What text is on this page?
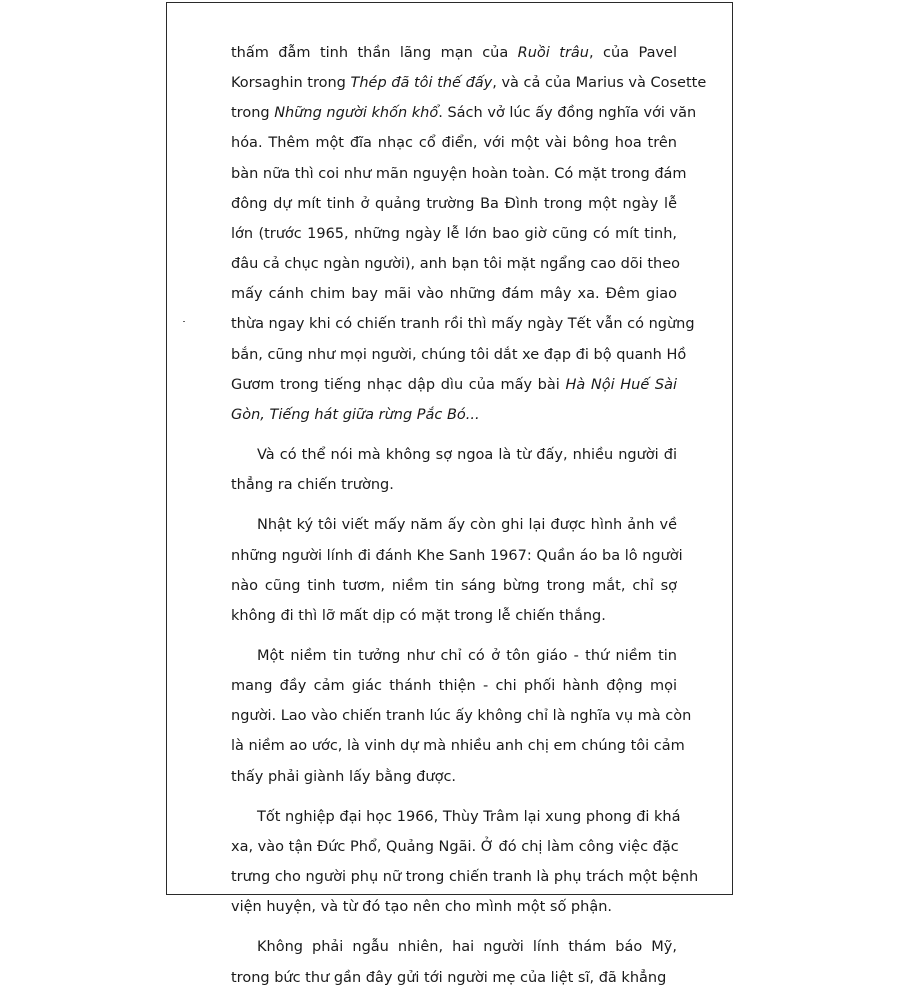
thấm đẫm tinh thần lãng mạn của Ruồi trâu, của Pavel
Korsaghin trong Thép đã tôi thế đấy, và cả của Marius và Cosette
trong Những người khốn khổ. Sách vở lúc ấy đồng nghĩa với văn
hóa. Thêm một đĩa nhạc cổ điển, với một vài bông hoa trên
bàn nữa thì coi như mãn nguyện hoàn toàn. Có mặt trong đám
đông dự mít tinh ở quảng trường Ba Đình trong một ngày lễ
lớn (trước 1965, những ngày lễ lớn bao giờ cũng có mít tinh,
đâu cả chục ngàn người), anh bạn tôi mặt ngẩng cao dõi theo
mấy cánh chim bay mãi vào những đám mây xa. Đêm giao
thừa ngay khi có chiến tranh rồi thì mấy ngày Tết vẫn có ngừng
bắn, cũng như mọi người, chúng tôi dắt xe đạp đi bộ quanh Hồ
Gươm trong tiếng nhạc dập dìu của mấy bài Hà Nội Huế Sài
Gòn, Tiếng hát giữa rừng Pắc Bó...

Và có thể nói mà không sợ ngoa là từ đấy, nhiều người đi
thẳng ra chiến trường.

Nhật ký tôi viết mấy năm ấy còn ghi lại được hình ảnh về
những người lính đi đánh Khe Sanh 1967: Quần áo ba lô người
nào cũng tinh tươm, niềm tin sáng bừng trong mắt, chỉ sợ
không đi thì lỡ mất dịp có mặt trong lễ chiến thắng.

Một niềm tin tưởng như chỉ có ở tôn giáo - thứ niềm tin
mang đầy cảm giác thánh thiện - chi phối hành động mọi
người. Lao vào chiến tranh lúc ấy không chỉ là nghĩa vụ mà còn
là niềm ao ước, là vinh dự mà nhiều anh chị em chúng tôi cảm
thấy phải giành lấy bằng được.

Tốt nghiệp đại học 1966, Thùy Trâm lại xung phong đi khá
xa, vào tận Đức Phổ, Quảng Ngãi. Ở đó chị làm công việc đặc
trưng cho người phụ nữ trong chiến tranh là phụ trách một bệnh
viện huyện, và từ đó tạo nên cho mình một số phận.

Không phải ngẫu nhiên, hai người lính thám báo Mỹ,
trong bức thư gần đây gửi tới người mẹ của liệt sĩ, đã khẳng
